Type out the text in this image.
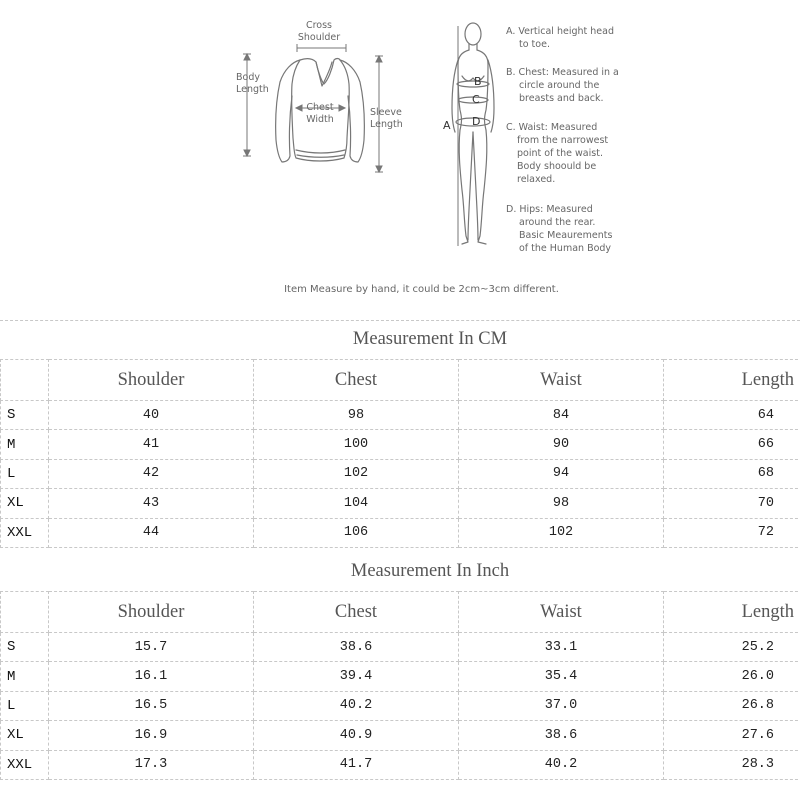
Cross
Shoulder
Body
Length
Chest
Width
Sleeve
Length	A
B
C
D
A. Vertical height head
to toe.
B. Chest: Measured in a
circle around the
breasts and back.
C. Waist: Measured
from the narrowest
point of the waist.
Body shoould be
relaxed.
D. Hips: Measured
around the rear.
Basic Meaurements
of the Human Body
Item Measure by hand, it could be 2cm~3cm different.
Measurement In CM
	Shoulder	Chest	Waist	Length
S	40	98	84	64
M	41	100	90	66
L	42	102	94	68
XL	43	104	98	70
XXL	44	106	102	72
Measurement In Inch
	Shoulder	Chest	Waist	Length
S	15.7	38.6	33.1	25.2
M	16.1	39.4	35.4	26.0
L	16.5	40.2	37.0	26.8
XL	16.9	40.9	38.6	27.6
XXL	17.3	41.7	40.2	28.3
